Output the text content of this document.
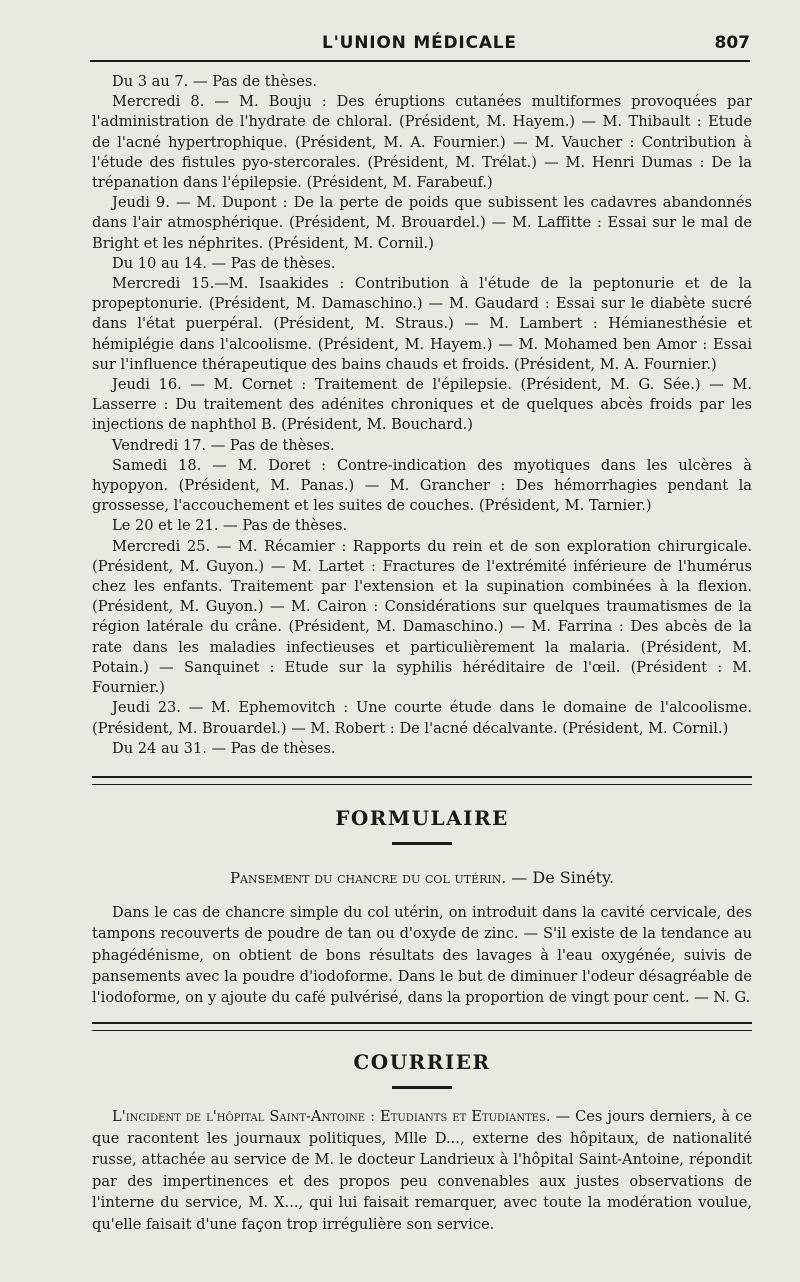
L'UNION MÉDICALE	807

Du 3 au 7. — Pas de thèses.

Mercredi 8. — M. Bouju : Des éruptions cutanées multiformes provoquées par l'administration de l'hydrate de chloral. (Président, M. Hayem.) — M. Thibault : Etude de l'acné hypertrophique. (Président, M. A. Fournier.) — M. Vaucher : Contribution à l'étude des fistules pyo-stercorales. (Président, M. Trélat.) — M. Henri Dumas : De la trépanation dans l'épilepsie. (Président, M. Farabeuf.)

Jeudi 9. — M. Dupont : De la perte de poids que subissent les cadavres abandonnés dans l'air atmosphérique. (Président, M. Brouardel.) — M. Laffitte : Essai sur le mal de Bright et les néphrites. (Président, M. Cornil.)

Du 10 au 14. — Pas de thèses.

Mercredi 15.—M. Isaakides : Contribution à l'étude de la peptonurie et de la propeptonurie. (Président, M. Damaschino.) — M. Gaudard : Essai sur le diabète sucré dans l'état puerpéral. (Président, M. Straus.) — M. Lambert : Hémianesthésie et hémiplégie dans l'alcoolisme. (Président, M. Hayem.) — M. Mohamed ben Amor : Essai sur l'influence thérapeutique des bains chauds et froids. (Président, M. A. Fournier.)

Jeudi 16. — M. Cornet : Traitement de l'épilepsie. (Président, M. G. Sée.) — M. Lasserre : Du traitement des adénites chroniques et de quelques abcès froids par les injections de naphthol B. (Président, M. Bouchard.)

Vendredi 17. — Pas de thèses.

Samedi 18. — M. Doret : Contre-indication des myotiques dans les ulcères à hypopyon. (Président, M. Panas.) — M. Grancher : Des hémorrhagies pendant la grossesse, l'accouchement et les suites de couches. (Président, M. Tarnier.)

Le 20 et le 21. — Pas de thèses.

Mercredi 25. — M. Récamier : Rapports du rein et de son exploration chirurgicale. (Président, M. Guyon.) — M. Lartet : Fractures de l'extrémité inférieure de l'humérus chez les enfants. Traitement par l'extension et la supination combinées à la flexion. (Président, M. Guyon.) — M. Cairon : Considérations sur quelques traumatismes de la région latérale du crâne. (Président, M. Damaschino.) — M. Farrina : Des abcès de la rate dans les maladies infectieuses et particulièrement la malaria. (Président, M. Potain.) — Sanquinet : Etude sur la syphilis héréditaire de l'œil. (Président : M. Fournier.)

Jeudi 23. — M. Ephemovitch : Une courte étude dans le domaine de l'alcoolisme. (Président, M. Brouardel.) — M. Robert : De l'acné décalvante. (Président, M. Cornil.)

Du 24 au 31. — Pas de thèses.

FORMULAIRE
Pansement du chancre du col utérin. — De Sinéty.

Dans le cas de chancre simple du col utérin, on introduit dans la cavité cervicale, des tampons recouverts de poudre de tan ou d'oxyde de zinc. — S'il existe de la tendance au phagédénisme, on obtient de bons résultats des lavages à l'eau oxygénée, suivis de pansements avec la poudre d'iodoforme. Dans le but de diminuer l'odeur désagréable de l'iodoforme, on y ajoute du café pulvérisé, dans la proportion de vingt pour cent. — N. G.

COURRIER

L'incident de l'hôpital Saint-Antoine : Etudiants et Etudiantes. — Ces jours derniers, à ce que racontent les journaux politiques, Mlle D..., externe des hôpitaux, de nationalité russe, attachée au service de M. le docteur Landrieux à l'hôpital Saint-Antoine, répondit par des impertinences et des propos peu convenables aux justes observations de l'interne du service, M. X..., qui lui faisait remarquer, avec toute la modération voulue, qu'elle faisait d'une façon trop irrégulière son service.
